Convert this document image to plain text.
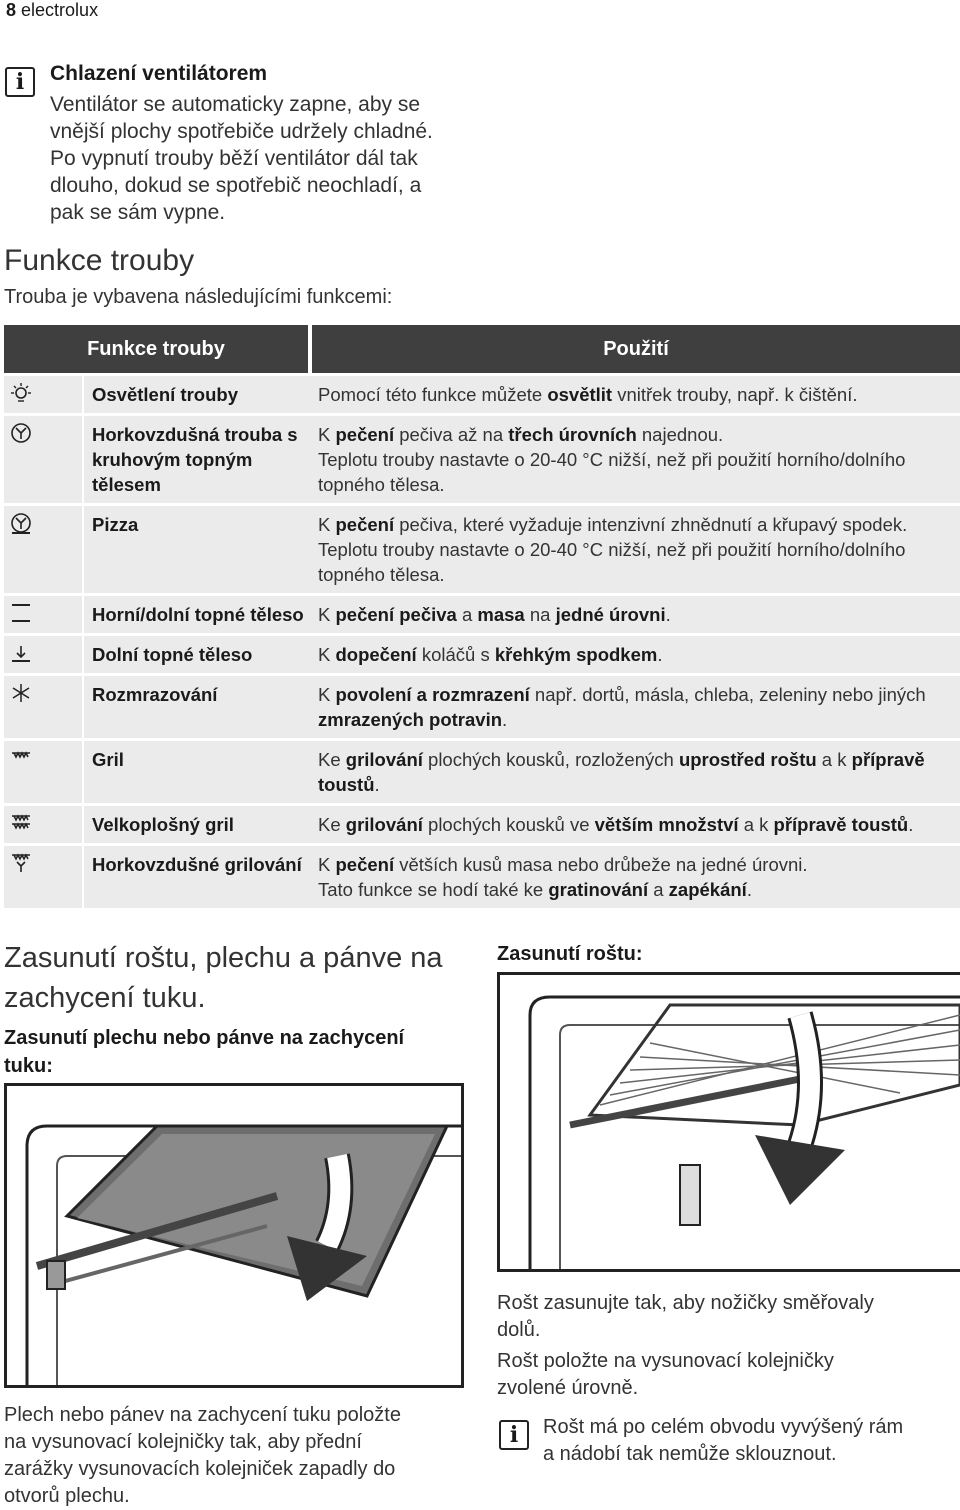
8 electrolux
i	Chlazení ventilátorem
Ventilátor se automaticky zapne, aby se
vnější plochy spotřebiče udržely chladné.
Po vypnutí trouby běží ventilátor dál tak
dlouho, dokud se spotřebič neochladí, a
pak se sám vypne.
Funkce trouby
Trouba je vybavena následujícími funkcemi:
Funkce trouby		Použití

	Osvětlení trouby	Pomocí této funkce můžete osvětlit vnitřek trouby, např. k čištění.

	Horkovzdušná trouba s kruhovým topným tělesem	K pečení pečiva až na třech úrovních najednou.
Teplotu trouby nastavte o 20-40 °C nižší, než při použití horního/dolního topného tělesa.

	Pizza	K pečení pečiva, které vyžaduje intenzivní zhnědnutí a křupavý spodek.
Teplotu trouby nastavte o 20-40 °C nižší, než při použití horního/dolního topného tělesa.

	Horní/dolní topné těleso	K pečení pečiva a masa na jedné úrovni.

	Dolní topné těleso	K dopečení koláčů s křehkým spodkem.

	Rozmrazování	K povolení a rozmrazení např. dortů, másla, chleba, zeleniny nebo jiných zmrazených potravin.

	Gril	Ke grilování plochých kousků, rozložených uprostřed roštu a k přípravě toustů.

	Velkoplošný gril	Ke grilování plochých kousků ve větším množství a k přípravě toustů.

	Horkovzdušné grilování	K pečení větších kusů masa nebo drůbeže na jedné úrovni.
Tato funkce se hodí také ke gratinování a zapékání.
Zasunutí roštu, plechu a pánve na
zachycení tuku.
Zasunutí plechu nebo pánve na zachycení
tuku:
Zasunutí roštu:
Plech nebo pánev na zachycení tuku položte
na vysunovací kolejničky tak, aby přední
zarážky vysunovacích kolejniček zapadly do
otvorů plechu.
Rošt zasunujte tak, aby nožičky směřovaly
dolů.
Rošt položte na vysunovací kolejničky
zvolené úrovně.
i	Rošt má po celém obvodu vyvýšený rám
a nádobí tak nemůže sklouznout.
